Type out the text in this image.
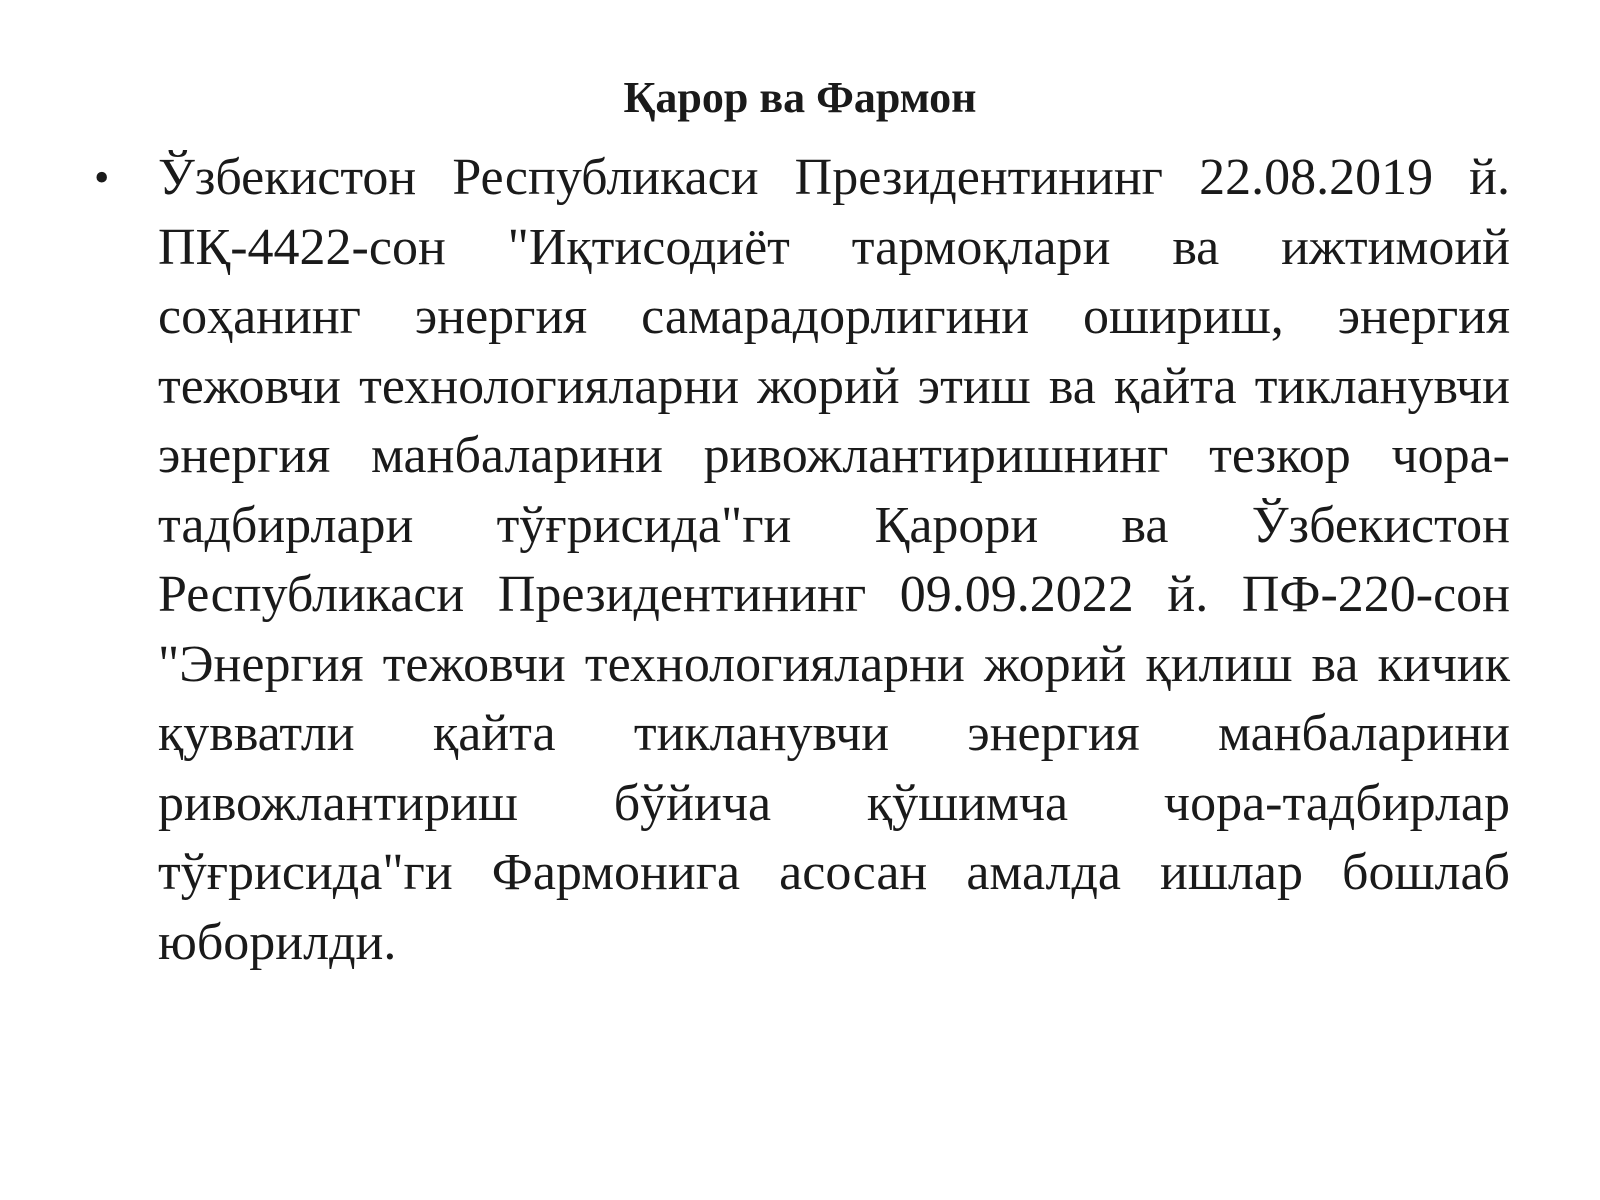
Қарор ва Фармон
• Ўзбекистон Республикаси Президентининг 22.08.2019 й. ПҚ-4422-сон "Иқтисодиёт тармоқлари ва ижтимоий соҳанинг энергия самарадорлигини ошириш, энергия тежовчи технологияларни жорий этиш ва қайта тикланувчи энергия манбаларини ривожлантиришнинг тезкор чора-тадбирлари тўғрисида"ги Қарори ва Ўзбекистон Республикаси Президентининг 09.09.2022 й. ПФ-220-сон "Энергия тежовчи технологияларни жорий қилиш ва кичик қувватли қайта тикланувчи энергия манбаларини ривожлантириш бўйича қўшимча чора-тадбирлар тўғрисида"ги Фармонига асосан амалда ишлар бошлаб юборилди.
